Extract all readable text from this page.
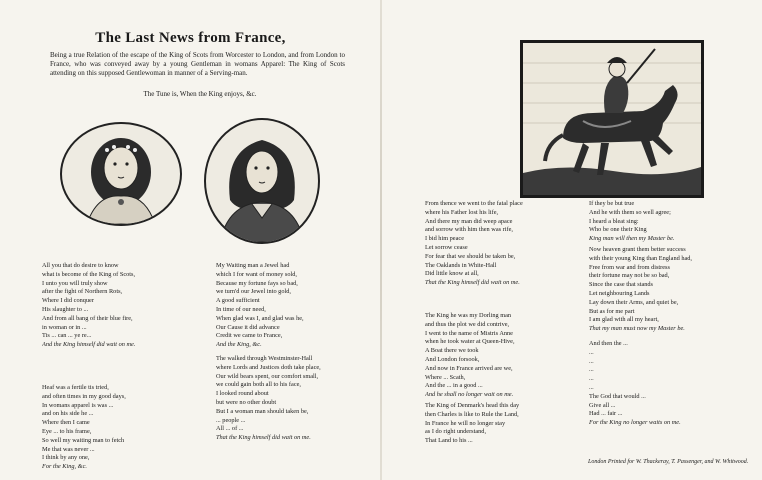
The Last News from France,
Being a true Relation of the escape of the King of Scots from Worcester to London, and from London to France, who was conveyed away by a young Gentleman in womans Apparel: The King of Scots attending on this supposed Gentlewoman in manner of a Serving-man.
The Tune is, When the King enjoys, &c.
All you that do desire to know
what is become of the King of Scots,
I unto you will truly show
after the fight of Northern Rots,
Where I did conquer
His slaughter to ...
And from all bang of their blue fire,
in woman or in ...
Tis ... can ... ye re...
And the King himself did wait on me.
My Waiting man a Jewel had
which I for want of money sold,
Because my fortune fays so bad,
we turn'd our Jewel into gold,
A good sufficient
In time of our need,
When glad was I, and glad was he,
Our Cause it did advance
Credit we came to France,
And the King, &c.
Heaf was a fertile tis tried,
and often times in my good days,
In womans apparel is was ...
and on his side he ...
Where then I came
Eye ... to his frame,
So well my waiting man to fetch
Me that was never ...
I think by any one,
For the King, &c.
The walked through Westminster-Hall
where Lords and Justices doth take place,
Our wild bears spent, our comfort small,
we could gain both all to his face,
I looked round about
but were no other doubt
But I a woman man should taken be,
... people ...
All ... of ...
That the King himself did wait on me.
From thence we went to the fatal place
where his Father lost his life,
And there my man did weep apace
and sorrow with him then was rife,
I bid him peace
Let sorrow cease
For fear that we should be taken be,
The Oaklands in White-Hall
Did little know at all,
That the King himself did wait on me.
If they be but true
And he with them so well agree;
I heard a bleat sing:
Who be one their King
King man will then my Master be.
The King he was my Dorling man
and thus the plot we did contrive,
I went to the name of Mistris Anne
when he took water at Queen-Hive,
A Boat there we took
And London forsook,
And now in France arrived are we,
Where ... Scath,
And the ... in a good ...
And he shall no longer wait on me.
Now heaven grant them better success
with their young King than England had,
Free from war and from distress
their fortune may not be so bad,
Since the case that stands
Let neighbouring Lands
Lay down their Arms, and quiet be,
But as for me part
I am glad with all my heart,
That my man must now my Master be.
The King of Denmark's head this day
then Charles is like to Rule the Land,
In France he will no longer stay
as I do right understand,
That Land to his ...
And then the ...
...
...
...
...
...
The God that would ...
Give all ...
Had ... fair ...
For the King no longer waits on me.
London Printed for W. Thackeray, T. Passenger, and W. Whitwood.
